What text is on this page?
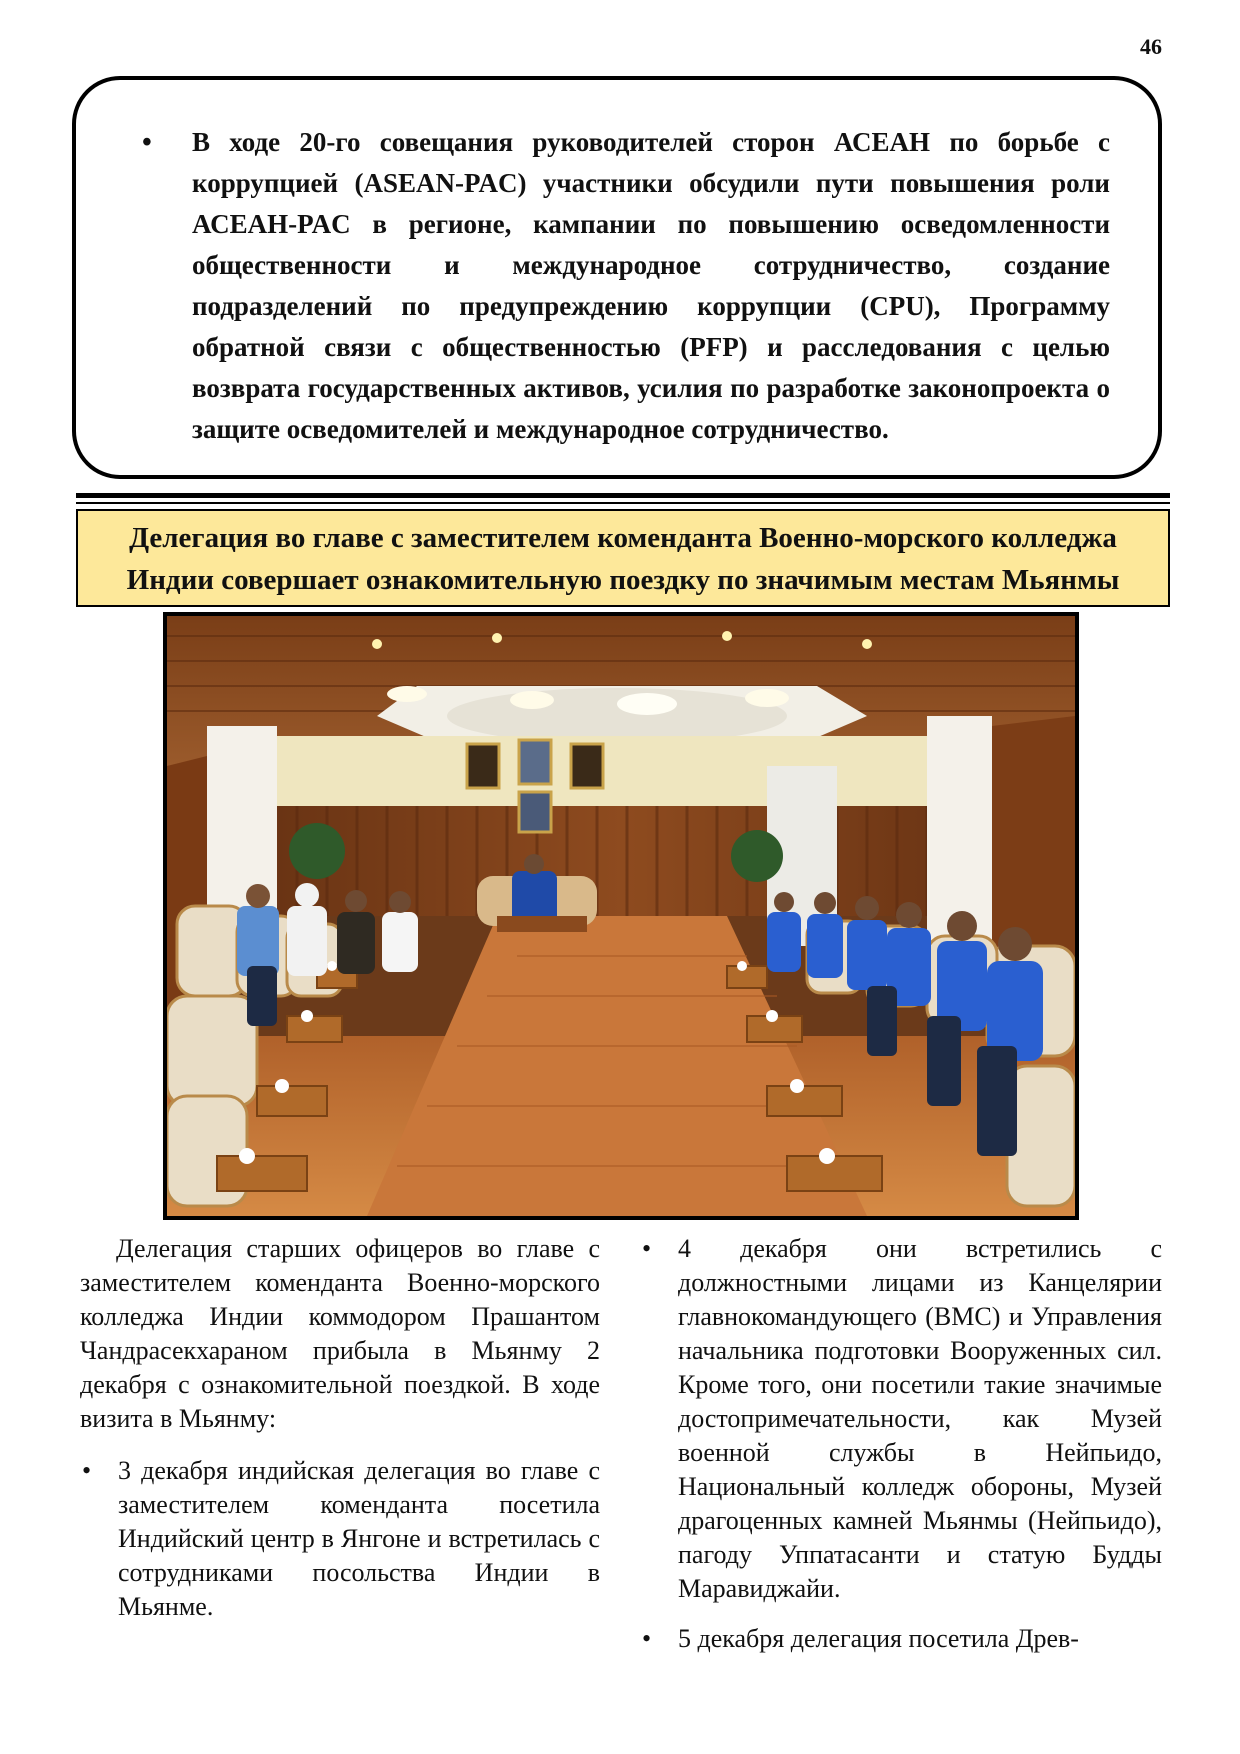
46
• В ходе 20-го совещания руководителей сторон АСЕАН по борьбе с коррупцией (ASEAN-PAC) участники обсудили пути повышения роли АСЕАН-PAC в регионе, кампании по повышению осведомленности общественности и международное сотрудничество, создание подразделений по предупреждению коррупции (CPU), Программу обратной связи с общественностью (PFP) и расследования с целью возврата государственных активов, усилия по разработке законопроекта о защите осведомителей и международное сотрудничество.
Делегация во главе с заместителем коменданта Военно-морского колледжа
Индии совершает ознакомительную поездку по значимым местам Мьянмы

Делегация старших офицеров во главе с заместителем коменданта Военно-морского колледжа Индии коммодором Прашантом Чандрасекхараном прибыла в Мьянму 2 декабря с ознакомительной поездкой. В ходе визита в Мьянму:

• 3 декабря индийская делегация во главе с заместителем коменданта посетила Индийский центр в Янгоне и встретилась с сотрудниками посольства Индии в Мьянме.
• 4 декабря они встретились с должностными лицами из Канцелярии главнокомандующего (ВМС) и Управления начальника подготовки Вооруженных сил. Кроме того, они посетили такие значимые достопримечательности, как Музей военной службы в Нейпьидо, Национальный колледж обороны, Музей драгоценных камней Мьянмы (Нейпьидо), пагоду Уппатасанти и статую Будды Маравиджайи.
• 5 декабря делегация посетила Древ-
